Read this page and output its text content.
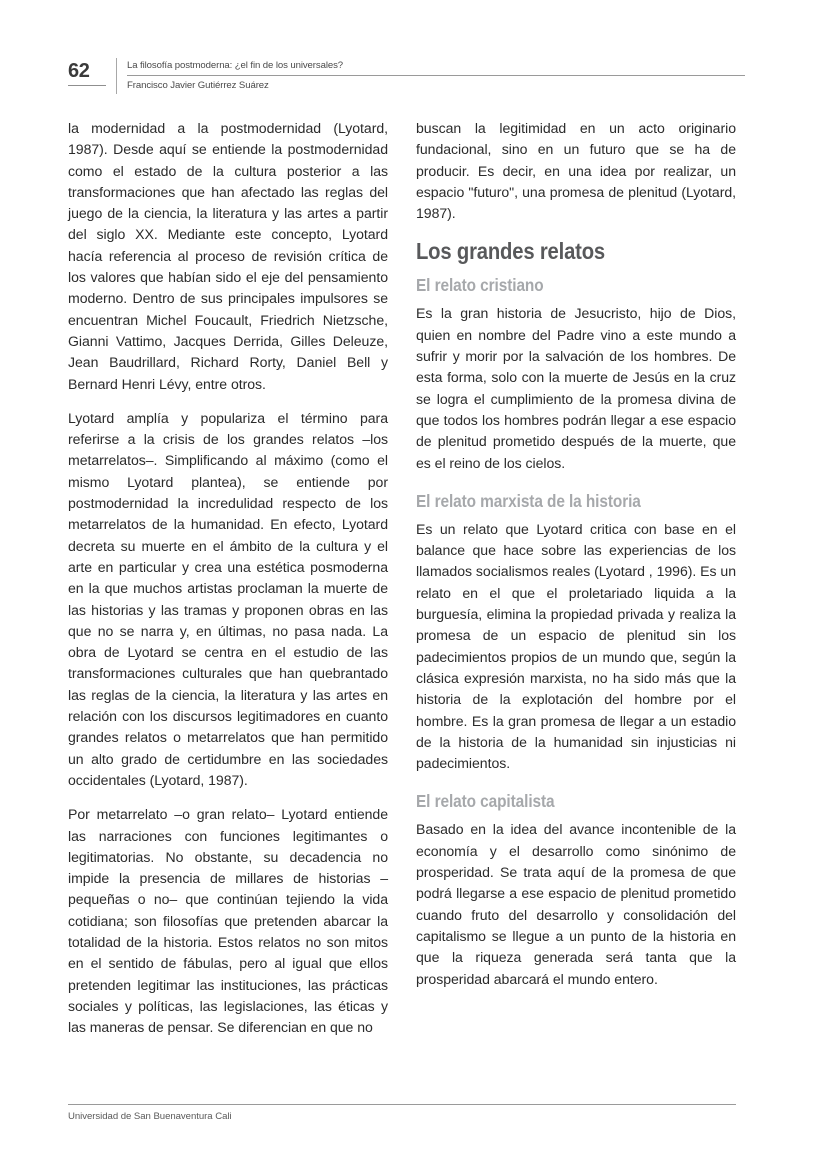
62	La filosofía postmoderna: ¿el fin de los universales?
Francisco Javier Gutiérrez Suárez

la modernidad a la postmodernidad (Lyotard, 1987). Desde aquí se entiende la postmodernidad como el estado de la cultura posterior a las transformaciones que han afectado las reglas del juego de la ciencia, la literatura y las artes a partir del siglo XX. Mediante este concepto, Lyotard hacía referencia al proceso de revisión crítica de los valores que habían sido el eje del pensamiento moderno. Dentro de sus principales impulsores se encuentran Michel Foucault, Friedrich Nietzsche, Gianni Vattimo, Jacques Derrida, Gilles Deleuze, Jean Baudrillard, Richard Rorty, Daniel Bell y Bernard Henri Lévy, entre otros.

Lyotard amplía y populariza el término para referirse a la crisis de los grandes relatos –los metarrelatos–. Simplificando al máximo (como el mismo Lyotard plantea), se entiende por postmodernidad la incredulidad respecto de los metarrelatos de la humanidad. En efecto, Lyotard decreta su muerte en el ámbito de la cultura y el arte en particular y crea una estética posmoderna en la que muchos artistas proclaman la muerte de las historias y las tramas y proponen obras en las que no se narra y, en últimas, no pasa nada. La obra de Lyotard se centra en el estudio de las transformaciones culturales que han quebrantado las reglas de la ciencia, la literatura y las artes en relación con los discursos legitimadores en cuanto grandes relatos o metarrelatos que han permitido un alto grado de certidumbre en las sociedades occidentales (Lyotard, 1987).

Por metarrelato –o gran relato– Lyotard entiende las narraciones con funciones legitimantes o legitimatorias. No obstante, su decadencia no impide la presencia de millares de historias –pequeñas o no– que continúan tejiendo la vida cotidiana; son filosofías que pretenden abarcar la totalidad de la historia. Estos relatos no son mitos en el sentido de fábulas, pero al igual que ellos pretenden legitimar las instituciones, las prácticas sociales y políticas, las legislaciones, las éticas y las maneras de pensar. Se diferencian en que no

buscan la legitimidad en un acto originario fundacional, sino en un futuro que se ha de producir. Es decir, en una idea por realizar, un espacio "futuro", una promesa de plenitud (Lyotard, 1987).

Los grandes relatos
El relato cristiano

Es la gran historia de Jesucristo, hijo de Dios, quien en nombre del Padre vino a este mundo a sufrir y morir por la salvación de los hombres. De esta forma, solo con la muerte de Jesús en la cruz se logra el cumplimiento de la promesa divina de que todos los hombres podrán llegar a ese espacio de plenitud prometido después de la muerte, que es el reino de los cielos.

El relato marxista de la historia

Es un relato que Lyotard critica con base en el balance que hace sobre las experiencias de los llamados socialismos reales (Lyotard , 1996). Es un relato en el que el proletariado liquida a la burguesía, elimina la propiedad privada y realiza la promesa de un espacio de plenitud sin los padecimientos propios de un mundo que, según la clásica expresión marxista, no ha sido más que la historia de la explotación del hombre por el hombre. Es la gran promesa de llegar a un estadio de la historia de la humanidad sin injusticias ni padecimientos.

El relato capitalista

Basado en la idea del avance incontenible de la economía y el desarrollo como sinónimo de prosperidad. Se trata aquí de la promesa de que podrá llegarse a ese espacio de plenitud prometido cuando fruto del desarrollo y consolidación del capitalismo se llegue a un punto de la historia en que la riqueza generada será tanta que la prosperidad abarcará el mundo entero.

Universidad de San Buenaventura Cali
